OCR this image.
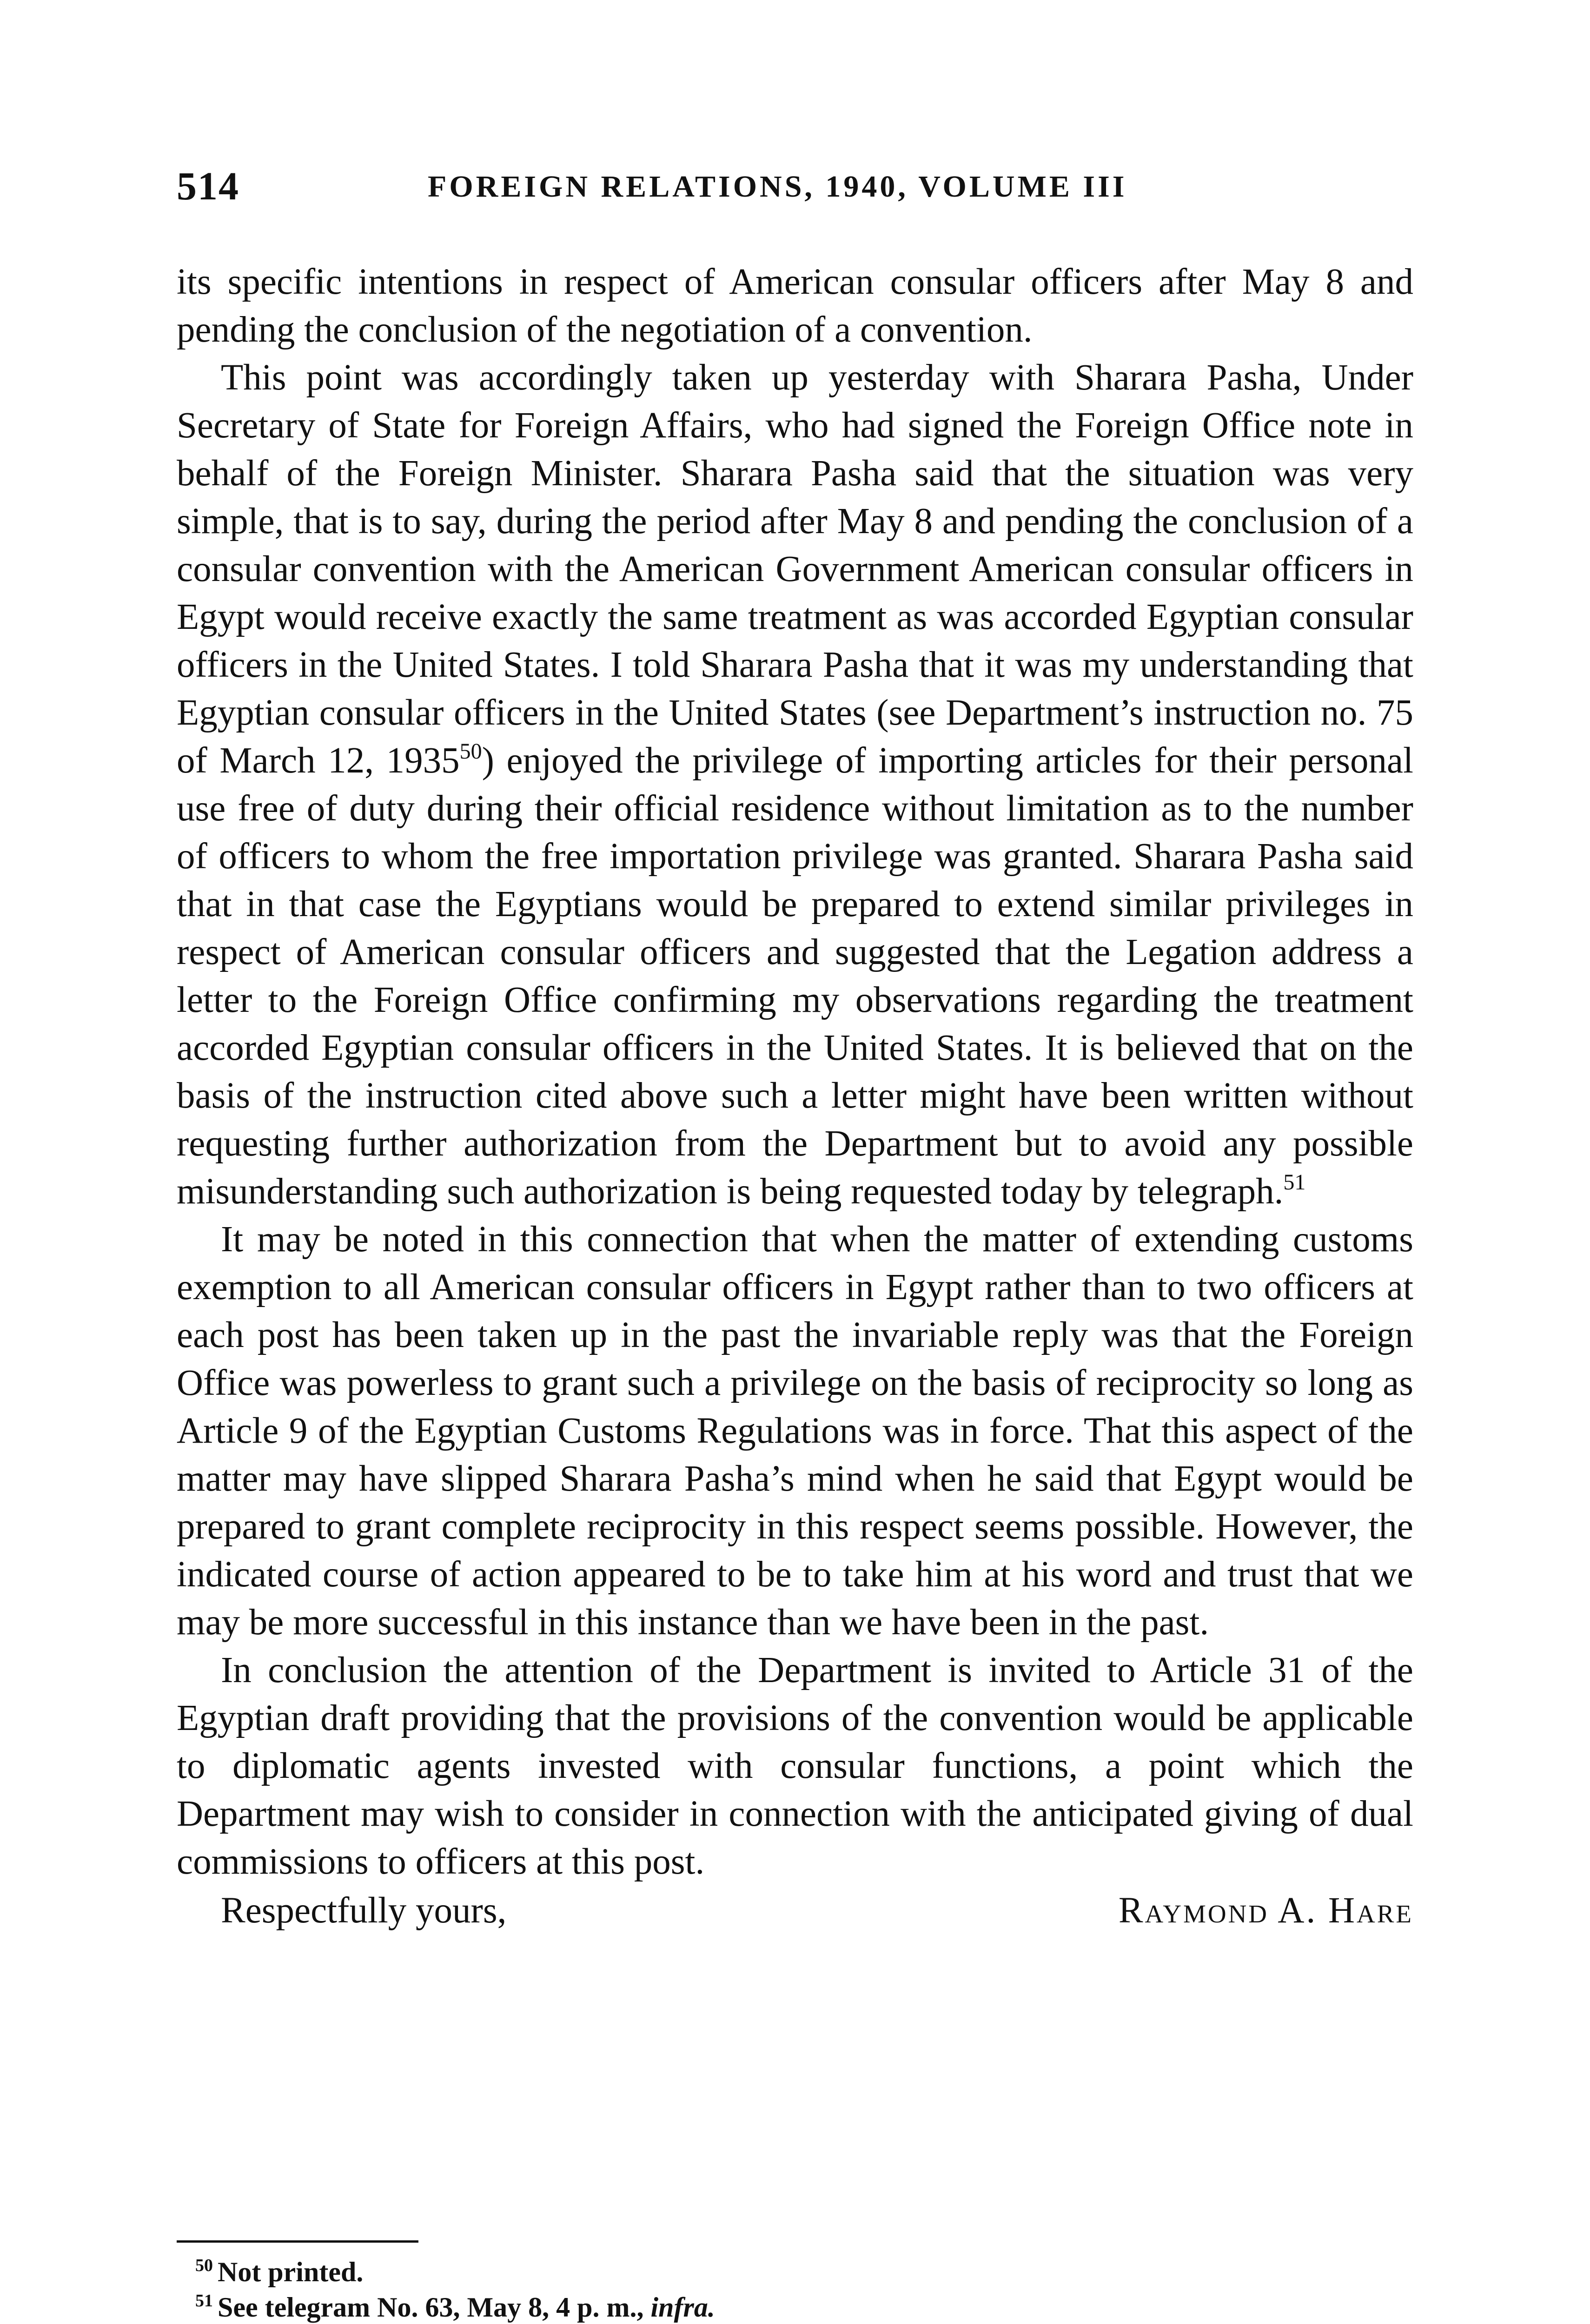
514	FOREIGN RELATIONS, 1940, VOLUME III

its specific intentions in respect of American consular officers after May 8 and pending the conclusion of the negotiation of a convention.

This point was accordingly taken up yesterday with Sharara Pasha, Under Secretary of State for Foreign Affairs, who had signed the Foreign Office note in behalf of the Foreign Minister. Sharara Pasha said that the situation was very simple, that is to say, during the period after May 8 and pending the conclusion of a consular convention with the American Government American consular officers in Egypt would receive exactly the same treatment as was accorded Egyptian consular officers in the United States. I told Sharara Pasha that it was my understanding that Egyptian consular officers in the United States (see Department’s instruction no. 75 of March 12, 1935$^{50}$) enjoyed the privilege of importing articles for their personal use free of duty during their official residence without limitation as to the number of officers to whom the free importation privilege was granted. Sharara Pasha said that in that case the Egyptians would be prepared to extend similar privileges in respect of American consular officers and suggested that the Legation address a letter to the Foreign Office confirming my observations regarding the treatment accorded Egyptian consular officers in the United States. It is believed that on the basis of the instruction cited above such a letter might have been written without requesting further authorization from the Department but to avoid any possible misunderstanding such authorization is being requested today by telegraph.$^{51}$

It may be noted in this connection that when the matter of extending customs exemption to all American consular officers in Egypt rather than to two officers at each post has been taken up in the past the invariable reply was that the Foreign Office was powerless to grant such a privilege on the basis of reciprocity so long as Article 9 of the Egyptian Customs Regulations was in force. That this aspect of the matter may have slipped Sharara Pasha’s mind when he said that Egypt would be prepared to grant complete reciprocity in this respect seems possible. However, the indicated course of action appeared to be to take him at his word and trust that we may be more successful in this instance than we have been in the past.

In conclusion the attention of the Department is invited to Article 31 of the Egyptian draft providing that the provisions of the convention would be applicable to diplomatic agents invested with consular functions, a point which the Department may wish to consider in connection with the anticipated giving of dual commissions to officers at this post.

Respectfully yours,	Raymond A. Hare
$^{50}$ Not printed.
$^{51}$ See telegram No. 63, May 8, 4 p. m., infra.
